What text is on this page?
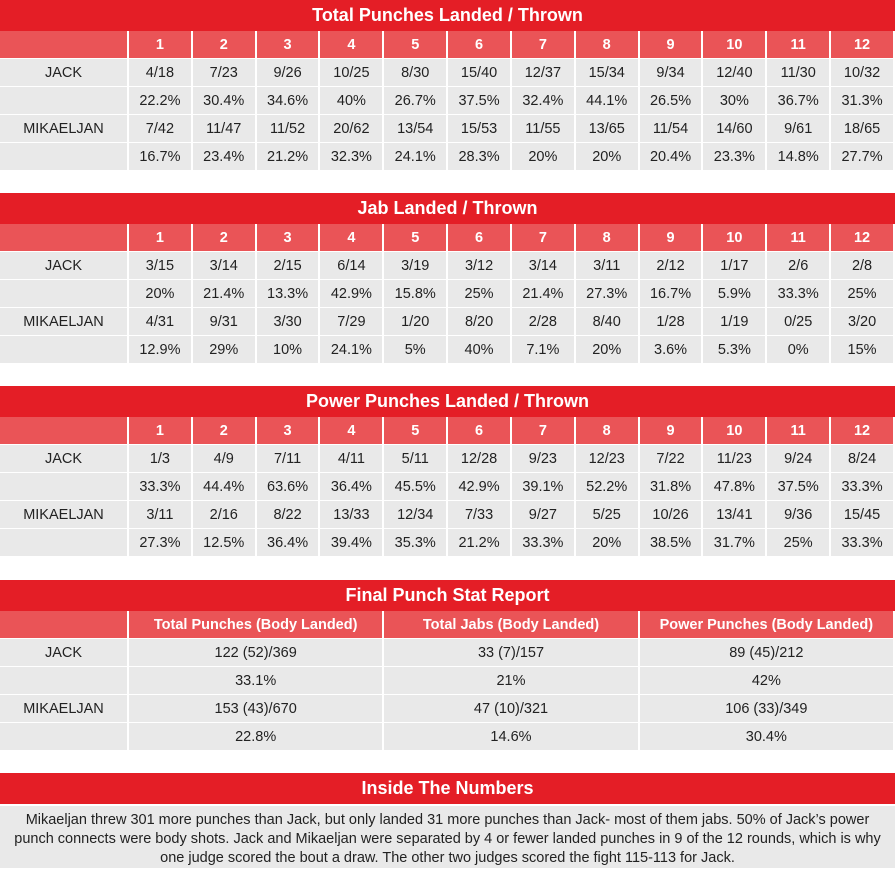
Total Punches Landed / Thrown
	1	2	3	4	5	6	7	8	9	10	11	12
JACK	4/18	7/23	9/26	10/25	8/30	15/40	12/37	15/34	9/34	12/40	11/30	10/32
	22.2%	30.4%	34.6%	40%	26.7%	37.5%	32.4%	44.1%	26.5%	30%	36.7%	31.3%
MIKAELJAN	7/42	11/47	11/52	20/62	13/54	15/53	11/55	13/65	11/54	14/60	9/61	18/65
	16.7%	23.4%	21.2%	32.3%	24.1%	28.3%	20%	20%	20.4%	23.3%	14.8%	27.7%
Jab Landed / Thrown
	1	2	3	4	5	6	7	8	9	10	11	12
JACK	3/15	3/14	2/15	6/14	3/19	3/12	3/14	3/11	2/12	1/17	2/6	2/8
	20%	21.4%	13.3%	42.9%	15.8%	25%	21.4%	27.3%	16.7%	5.9%	33.3%	25%
MIKAELJAN	4/31	9/31	3/30	7/29	1/20	8/20	2/28	8/40	1/28	1/19	0/25	3/20
	12.9%	29%	10%	24.1%	5%	40%	7.1%	20%	3.6%	5.3%	0%	15%
Power Punches Landed / Thrown
	1	2	3	4	5	6	7	8	9	10	11	12
JACK	1/3	4/9	7/11	4/11	5/11	12/28	9/23	12/23	7/22	11/23	9/24	8/24
	33.3%	44.4%	63.6%	36.4%	45.5%	42.9%	39.1%	52.2%	31.8%	47.8%	37.5%	33.3%
MIKAELJAN	3/11	2/16	8/22	13/33	12/34	7/33	9/27	5/25	10/26	13/41	9/36	15/45
	27.3%	12.5%	36.4%	39.4%	35.3%	21.2%	33.3%	20%	38.5%	31.7%	25%	33.3%
Final Punch Stat Report
	Total Punches (Body Landed)	Total Jabs (Body Landed)	Power Punches (Body Landed)
JACK	122 (52)/369	33 (7)/157	89 (45)/212
	33.1%	21%	42%
MIKAELJAN	153 (43)/670	47 (10)/321	106 (33)/349
	22.8%	14.6%	30.4%
Inside The Numbers
Mikaeljan threw 301 more punches than Jack, but only landed 31 more punches than Jack- most of them jabs. 50% of Jack’s power punch connects were body shots. Jack and Mikaeljan were separated by 4 or fewer landed punches in 9 of the 12 rounds, which is why one judge scored the bout a draw. The other two judges scored the fight 115-113 for Jack.
